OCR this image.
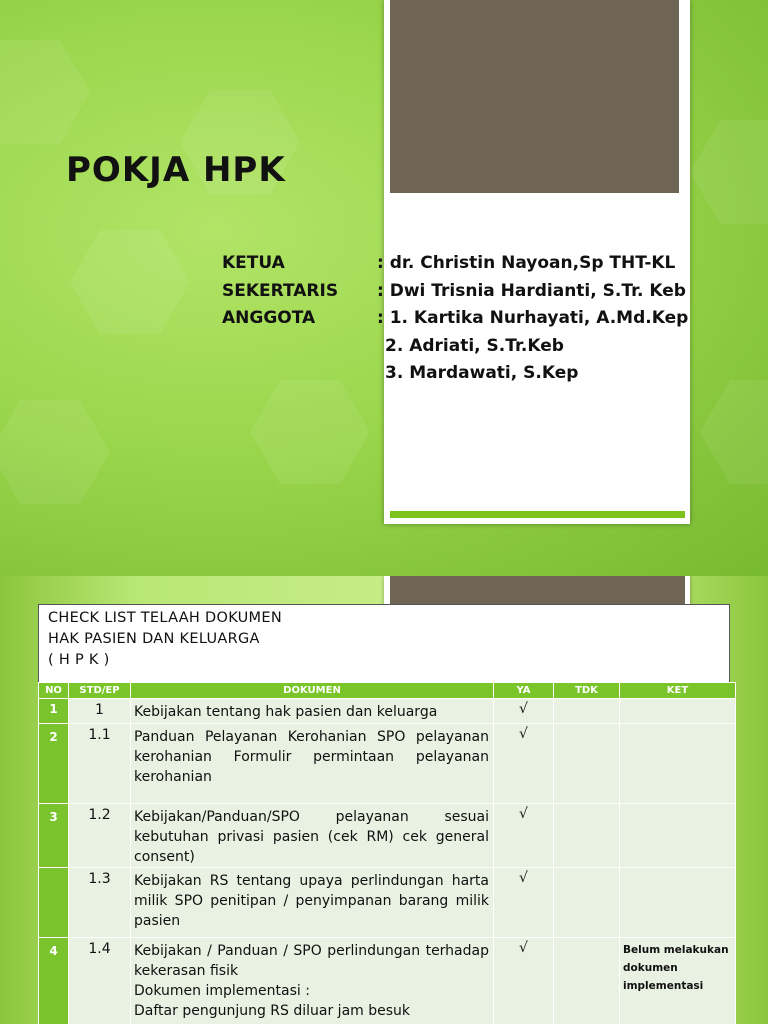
POKJA HPK
KETUA	: dr. Christin Nayoan,Sp THT-KL
SEKERTARIS	: Dwi Trisnia Hardianti, S.Tr. Keb
ANGGOTA	: 1. Kartika Nurhayati, A.Md.Kep
2. Adriati, S.Tr.Keb
3. Mardawati, S.Kep
CHECK LIST TELAAH DOKUMEN
HAK PASIEN DAN KELUARGA
( H P K )
NO	STD/EP	DOKUMEN	YA	TDK	KET
1	1	Kebijakan tentang hak pasien dan keluarga	√		
2	1.1	Panduan Pelayanan Kerohanian SPO pelayanan kerohanian Formulir permintaan pelayanan kerohanian	√		
3	1.2	Kebijakan/Panduan/SPO pelayanan sesuai kebutuhan privasi pasien (cek RM) cek general consent)	√		
	1.3	Kebijakan RS tentang upaya perlindungan harta milik SPO penitipan / penyimpanan barang milik pasien	√		
4	1.4	Kebijakan / Panduan / SPO perlindungan terhadap kekerasan fisik
Dokumen implementasi :
Daftar pengunjung RS diluar jam besuk	√		Belum melakukan dokumen implementasi
